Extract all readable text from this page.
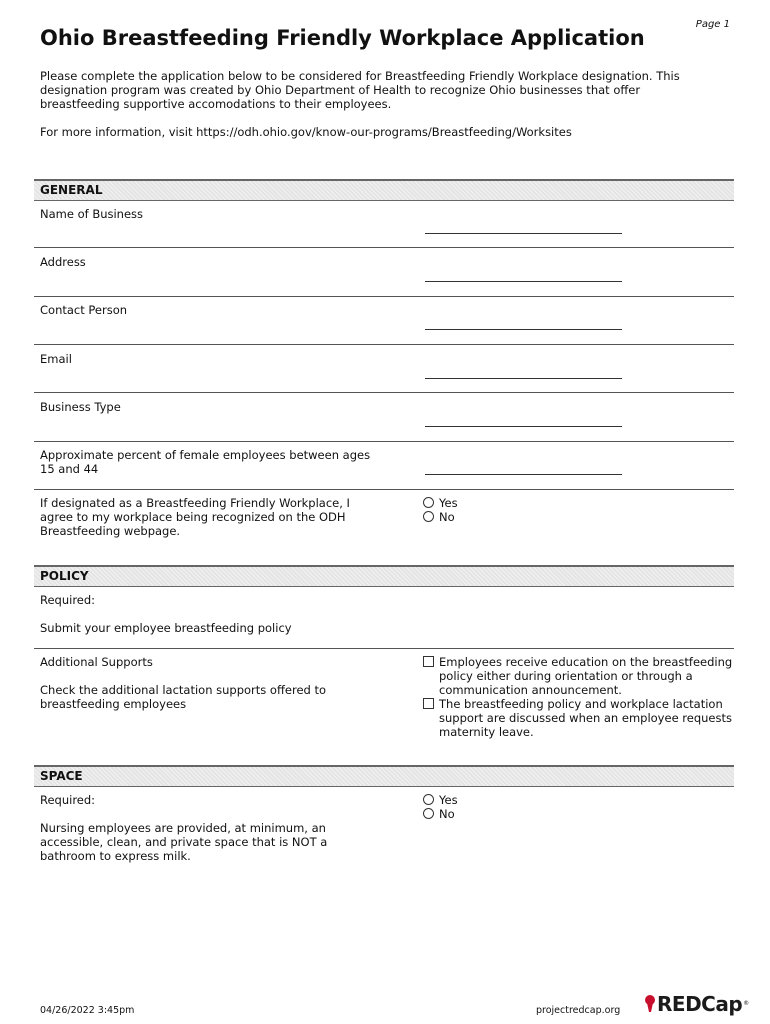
Page 1
Ohio Breastfeeding Friendly Workplace Application

Please complete the application below to be considered for Breastfeeding Friendly Workplace designation. This designation program was created by Ohio Department of Health to recognize Ohio businesses that offer breastfeeding supportive accomodations to their employees.

For more information, visit https://odh.ohio.gov/know-our-programs/Breastfeeding/Worksites

GENERAL
Name of Business
Address
Contact Person
Email
Business Type
Approximate percent of female employees between ages 15 and 44
If designated as a Breastfeeding Friendly Workplace, I agree to my workplace being recognized on the ODH Breastfeeding webpage.
Yes
No
POLICY

Required:

Submit your employee breastfeeding policy

Additional Supports

Check the additional lactation supports offered to breastfeeding employees

Employees receive education on the breastfeeding policy either during orientation or through a communication announcement.
The breastfeeding policy and workplace lactation support are discussed when an employee requests maternity leave.
SPACE

Required:

Nursing employees are provided, at minimum, an accessible, clean, and private space that is NOT a bathroom to express milk.

Yes
No
04/26/2022 3:45pm	projectredcap.org REDCap ®
